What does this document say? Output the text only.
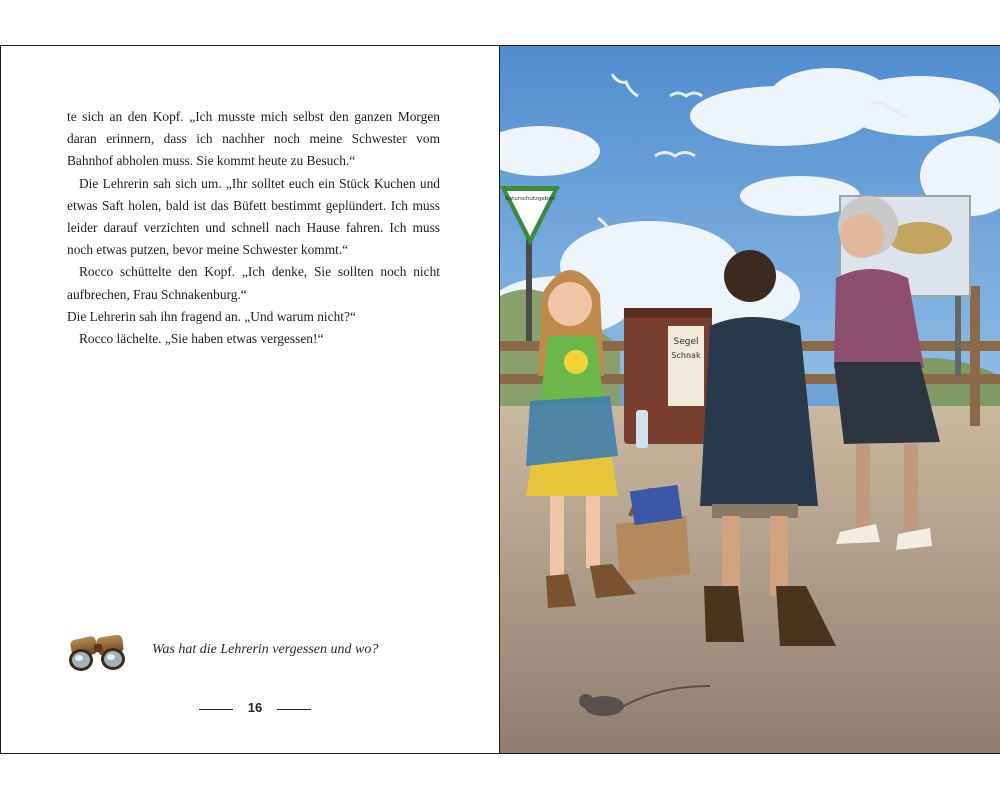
te sich an den Kopf. „Ich musste mich selbst den ganzen Morgen daran erinnern, dass ich nachher noch meine Schwester vom Bahnhof abholen muss. Sie kommt heute zu Besuch.“

Die Lehrerin sah sich um. „Ihr solltet euch ein Stück Kuchen und etwas Saft holen, bald ist das Büfett bestimmt geplündert. Ich muss leider darauf verzichten und schnell nach Hause fahren. Ich muss noch etwas putzen, bevor meine Schwester kommt.“

Rocco schüttelte den Kopf. „Ich denke, Sie sollten noch nicht aufbrechen, Frau Schnakenburg.“

Die Lehrerin sah ihn fragend an. „Und warum nicht?“

Rocco lächelte. „Sie haben etwas vergessen!“

Was hat die Lehrerin vergessen und wo?
16
Naturschutzgebiet
Segel
Schnak
